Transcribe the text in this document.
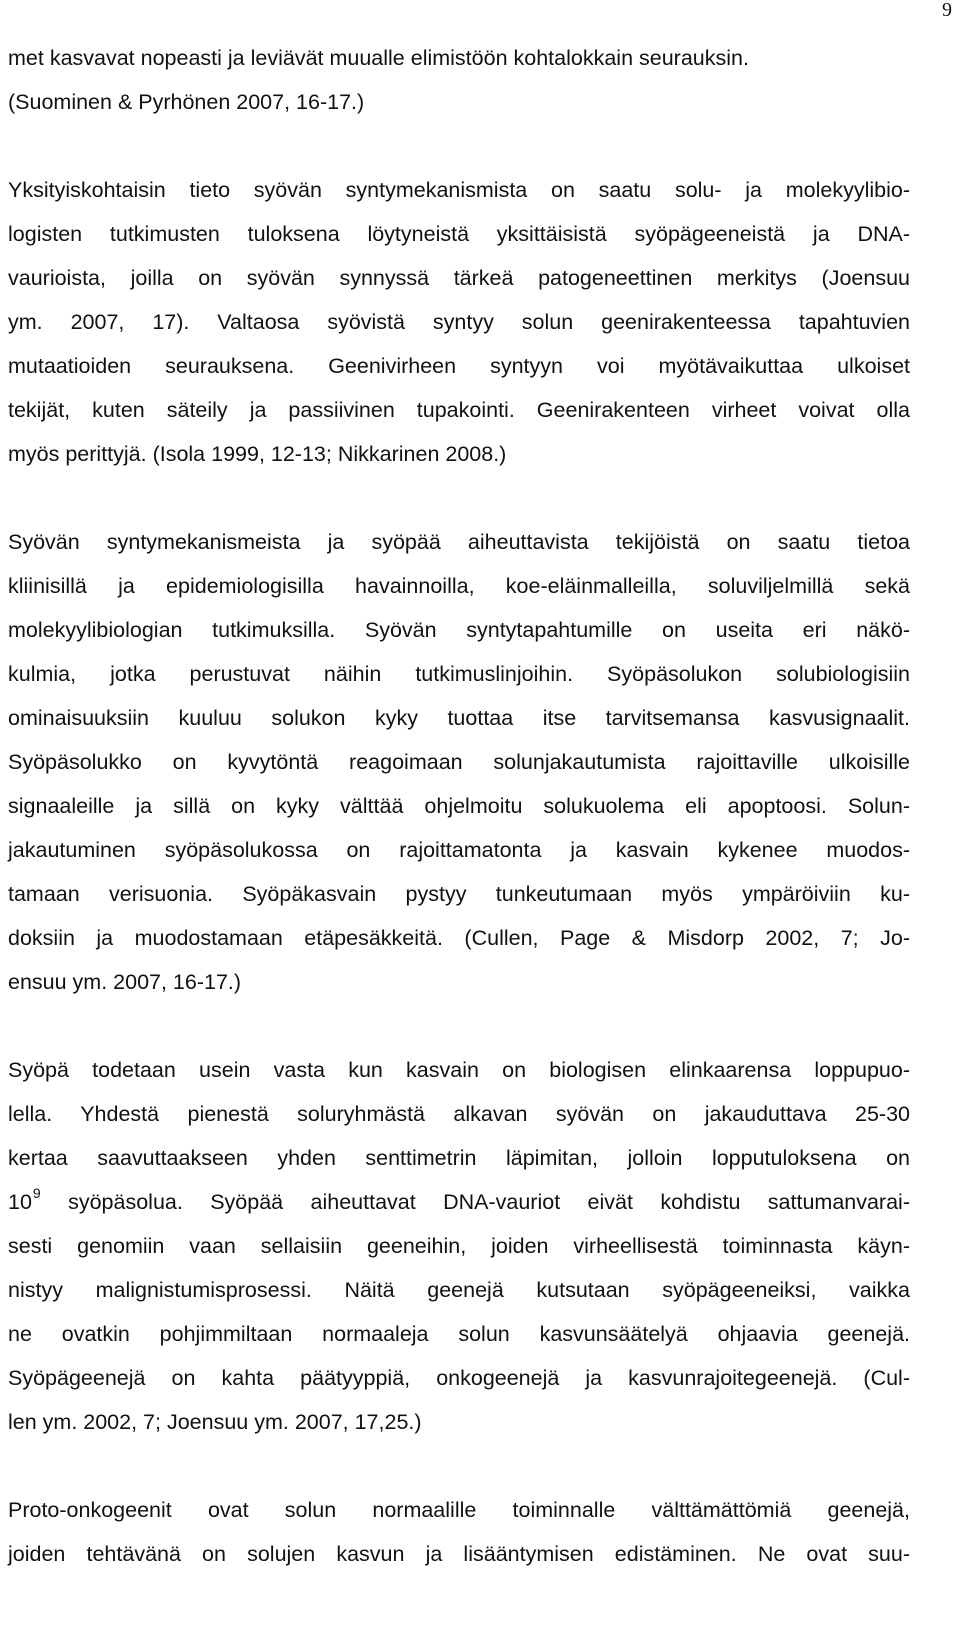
9
met kasvavat nopeasti ja leviävät muualle elimistöön kohtalokkain seurauksin.
(Suominen & Pyrhönen 2007, 16-17.)
Yksityiskohtaisin tieto syövän syntymekanismista on saatu solu- ja molekyylibio-
logisten tutkimusten tuloksena löytyneistä yksittäisistä syöpägeeneistä ja DNA-
vaurioista, joilla on syövän synnyssä tärkeä patogeneettinen merkitys (Joensuu
ym. 2007, 17). Valtaosa syövistä syntyy solun geenirakenteessa tapahtuvien
mutaatioiden seurauksena. Geenivirheen syntyyn voi myötävaikuttaa ulkoiset
tekijät, kuten säteily ja passiivinen tupakointi. Geenirakenteen virheet voivat olla
myös perittyjä. (Isola 1999, 12-13; Nikkarinen 2008.)
Syövän syntymekanismeista ja syöpää aiheuttavista tekijöistä on saatu tietoa
kliinisillä ja epidemiologisilla havainnoilla, koe-eläinmalleilla, soluviljelmillä sekä
molekyylibiologian tutkimuksilla. Syövän syntytapahtumille on useita eri näkö-
kulmia, jotka perustuvat näihin tutkimuslinjoihin. Syöpäsolukon solubiologisiin
ominaisuuksiin kuuluu solukon kyky tuottaa itse tarvitsemansa kasvusignaalit.
Syöpäsolukko on kyvytöntä reagoimaan solunjakautumista rajoittaville ulkoisille
signaaleille ja sillä on kyky välttää ohjelmoitu solukuolema eli apoptoosi. Solun-
jakautuminen syöpäsolukossa on rajoittamatonta ja kasvain kykenee muodos-
tamaan verisuonia. Syöpäkasvain pystyy tunkeutumaan myös ympäröiviin ku-
doksiin ja muodostamaan etäpesäkkeitä. (Cullen, Page & Misdorp 2002, 7; Jo-
ensuu ym. 2007, 16-17.)
Syöpä todetaan usein vasta kun kasvain on biologisen elinkaarensa loppupuo-
lella. Yhdestä pienestä soluryhmästä alkavan syövän on jakauduttava 25-30
kertaa saavuttaakseen yhden senttimetrin läpimitan, jolloin lopputuloksena on
$10^9$ syöpäsolua. Syöpää aiheuttavat DNA-vauriot eivät kohdistu sattumanvarai-
sesti genomiin vaan sellaisiin geeneihin, joiden virheellisestä toiminnasta käyn-
nistyy malignistumisprosessi. Näitä geenejä kutsutaan syöpägeeneiksi, vaikka
ne ovatkin pohjimmiltaan normaaleja solun kasvunsäätelyä ohjaavia geenejä.
Syöpägeenejä on kahta päätyyppiä, onkogeenejä ja kasvunrajoitegeenejä. (Cul-
len ym. 2002, 7; Joensuu ym. 2007, 17,25.)
Proto-onkogeenit ovat solun normaalille toiminnalle välttämättömiä geenejä,
joiden tehtävänä on solujen kasvun ja lisääntymisen edistäminen. Ne ovat suu-
